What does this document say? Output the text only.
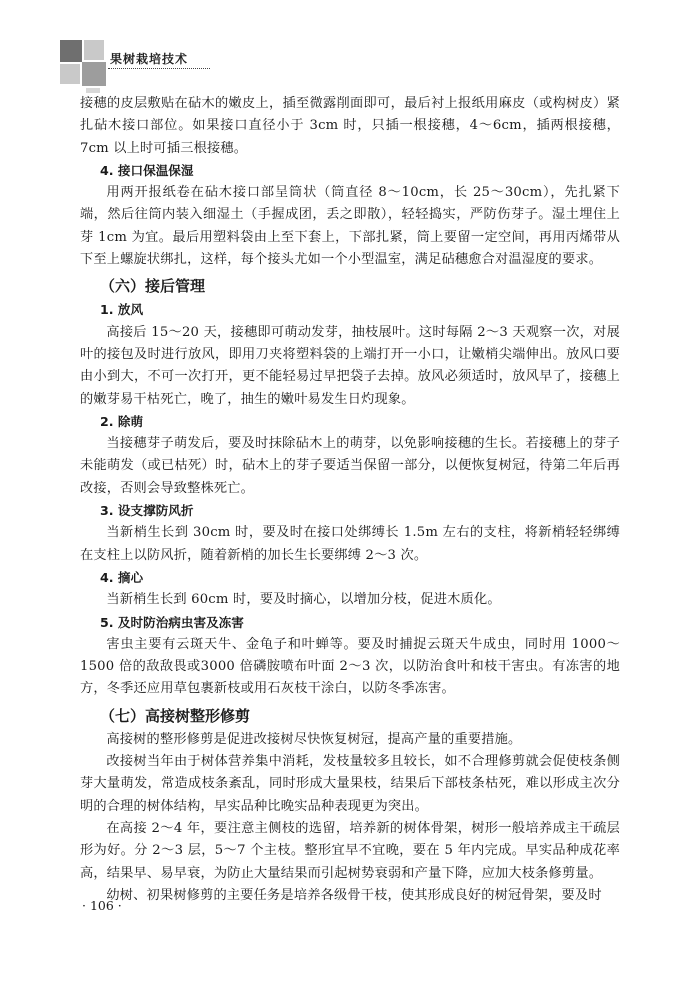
果树栽培技术

接穗的皮层敷贴在砧木的嫩皮上，插至微露削面即可，最后衬上报纸用麻皮（或构树皮）紧扎砧木接口部位。如果接口直径小于 3cm 时，只插一根接穗，4～6cm，插两根接穗，7cm 以上时可插三根接穗。

4. 接口保温保湿

用两开报纸卷在砧木接口部呈筒状（筒直径 8～10cm，长 25～30cm），先扎紧下端，然后往筒内装入细湿土（手握成团，丢之即散），轻轻捣实，严防伤芽子。湿土埋住上芽 1cm 为宜。最后用塑料袋由上至下套上，下部扎紧，筒上要留一定空间，再用丙烯带从下至上螺旋状绑扎，这样，每个接头尤如一个小型温室，满足砧穗愈合对温湿度的要求。

（六）接后管理
1. 放风

高接后 15～20 天，接穗即可萌动发芽，抽枝展叶。这时每隔 2～3 天观察一次，对展叶的接包及时进行放风，即用刀夹将塑料袋的上端打开一小口，让嫩梢尖端伸出。放风口要由小到大，不可一次打开，更不能轻易过早把袋子去掉。放风必须适时，放风早了，接穗上的嫩芽易干枯死亡，晚了，抽生的嫩叶易发生日灼现象。

2. 除萌

当接穗芽子萌发后，要及时抹除砧木上的萌芽，以免影响接穗的生长。若接穗上的芽子未能萌发（或已枯死）时，砧木上的芽子要适当保留一部分，以便恢复树冠，待第二年后再改接，否则会导致整株死亡。

3. 设支撑防风折

当新梢生长到 30cm 时，要及时在接口处绑缚长 1.5m 左右的支柱，将新梢轻轻绑缚在支柱上以防风折，随着新梢的加长生长要绑缚 2～3 次。

4. 摘心

当新梢生长到 60cm 时，要及时摘心，以增加分枝，促进木质化。

5. 及时防治病虫害及冻害

害虫主要有云斑天牛、金龟子和叶蝉等。要及时捕捉云斑天牛成虫，同时用 1000～1500 倍的敌敌畏或3000 倍磷胺喷布叶面 2～3 次，以防治食叶和枝干害虫。有冻害的地方，冬季还应用草包裹新枝或用石灰枝干涂白，以防冬季冻害。

（七）高接树整形修剪

高接树的整形修剪是促进改接树尽快恢复树冠，提高产量的重要措施。

改接树当年由于树体营养集中消耗，发枝量较多且较长，如不合理修剪就会促使枝条侧芽大量萌发，常造成枝条紊乱，同时形成大量果枝，结果后下部枝条枯死，难以形成主次分明的合理的树体结构，早实品种比晚实品种表现更为突出。

在高接 2～4 年，要注意主侧枝的选留，培养新的树体骨架，树形一般培养成主干疏层形为好。分 2～3 层，5～7 个主枝。整形宜早不宜晚，要在 5 年内完成。早实品种成花率高，结果早、易早衰，为防止大量结果而引起树势衰弱和产量下降，应加大枝条修剪量。

幼树、初果树修剪的主要任务是培养各级骨干枝，使其形成良好的树冠骨架，要及时

· 106 ·
